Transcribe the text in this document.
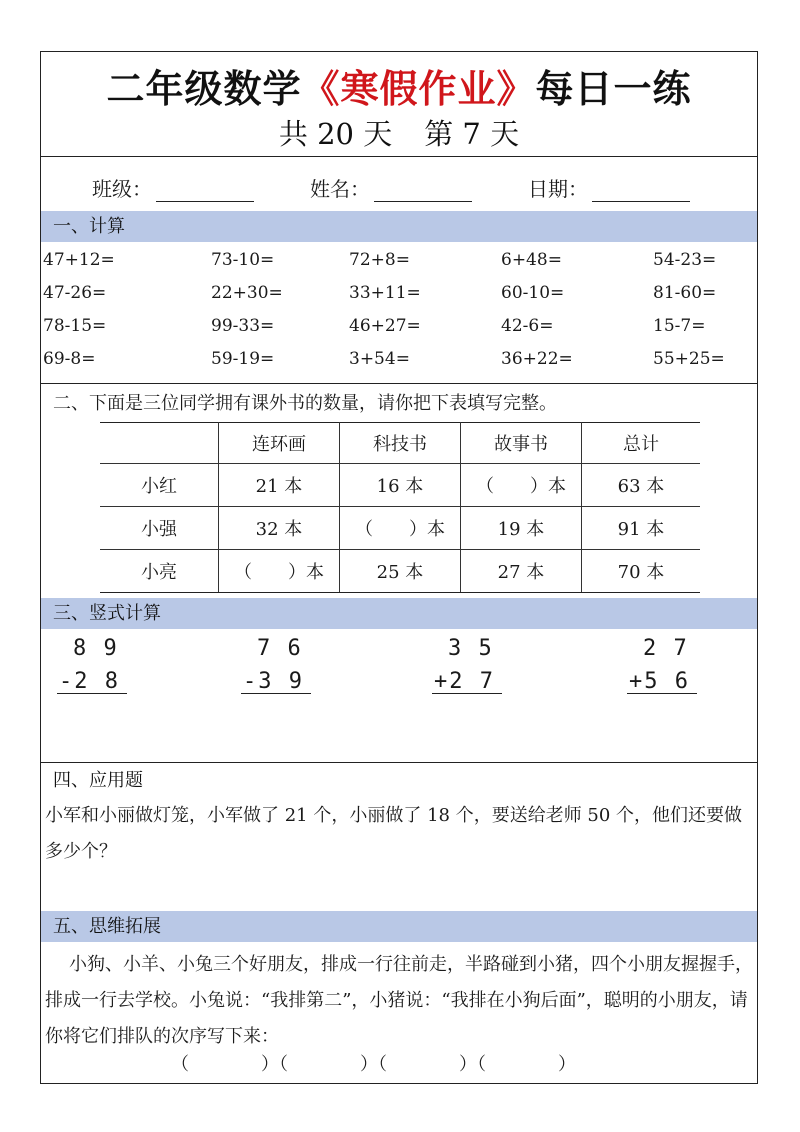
二年级数学《寒假作业》每日一练
共 20 天 第 7 天
班级：	姓名：	日期：
一、计算
47+12=	73-10=	72+8=	6+48=	54-23=
47-26=	22+30=	33+11=	60-10=	81-60=
78-15=	99-33=	46+27=	42-6=	15-7=
69-8=	59-19=	3+54=	36+22=	55+25=
二、下面是三位同学拥有课外书的数量，请你把下表填写完整。
	连环画	科技书	故事书	总计
小红	21 本	16 本	（　　）本	63 本
小强	32 本	（　　）本	19 本	91 本
小亮	（　　）本	25 本	27 本	70 本
三、竖式计算
8 9
-2 8
7 6
-3 9
3 5
+2 7
2 7
+5 6
四、应用题
小军和小丽做灯笼，小军做了 21 个，小丽做了 18 个，要送给老师 50 个，他们还要做多少个？
五、思维拓展
小狗、小羊、小兔三个好朋友，排成一行往前走，半路碰到小猪，四个小朋友握握手，排成一行去学校。小兔说：“我排第二”，小猪说：“我排在小狗后面”，聪明的小朋友，请你将它们排队的次序写下来：
（　　　　）（　　　　）（　　　　）（　　　　）
